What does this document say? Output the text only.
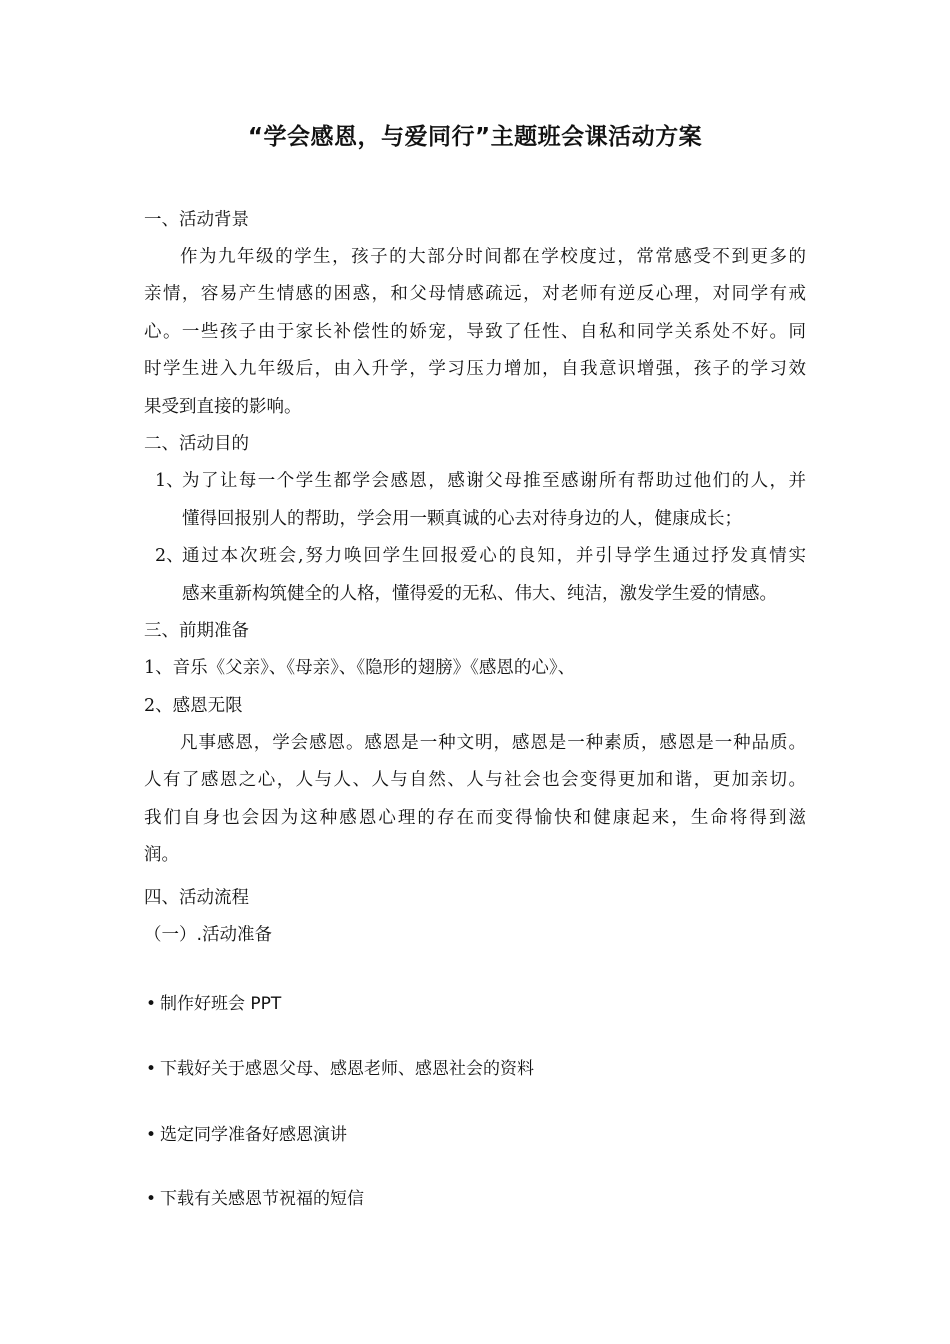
“学会感恩，与爱同行”主题班会课活动方案
一、活动背景
作为九年级的学生，孩子的大部分时间都在学校度过，常常感受不到更多的
亲情，容易产生情感的困惑，和父母情感疏远，对老师有逆反心理，对同学有戒
心。一些孩子由于家长补偿性的娇宠，导致了任性、自私和同学关系处不好。同
时学生进入九年级后，由入升学，学习压力增加，自我意识增强，孩子的学习效
果受到直接的影响。
二、活动目的
1、
为了让每一个学生都学会感恩，感谢父母推至感谢所有帮助过他们的人，并
懂得回报别人的帮助，学会用一颗真诚的心去对待身边的人，健康成长；
2、
通过本次班会,努力唤回学生回报爱心的良知，并引导学生通过抒发真情实
感来重新构筑健全的人格，懂得爱的无私、伟大、纯洁，激发学生爱的情感。
三、前期准备
1、音乐《父亲》、《母亲》、《隐形的翅膀》《感恩的心》、
2、感恩无限
凡事感恩，学会感恩。感恩是一种文明，感恩是一种素质，感恩是一种品质。
人有了感恩之心，人与人、人与自然、人与社会也会变得更加和谐，更加亲切。
我们自身也会因为这种感恩心理的存在而变得愉快和健康起来，生命将得到滋
润。
四、活动流程
（一）.活动准备
• 制作好班会 PPT
• 下载好关于感恩父母、感恩老师、感恩社会的资料
• 选定同学准备好感恩演讲
• 下载有关感恩节祝福的短信
